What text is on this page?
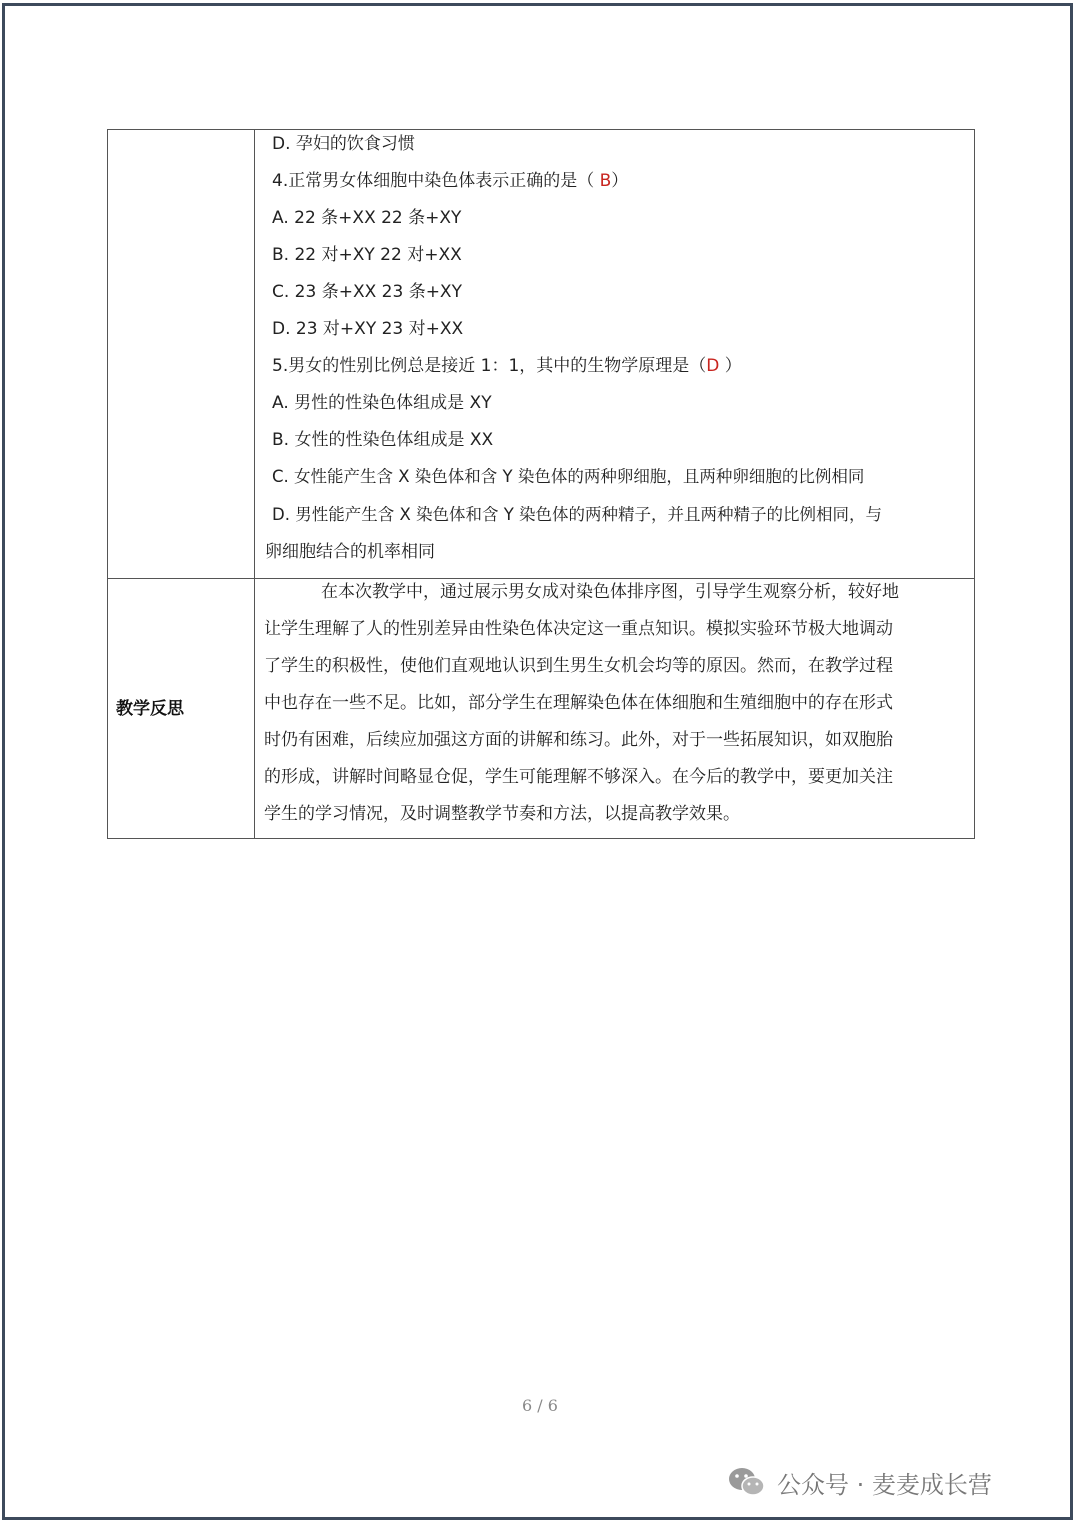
D. 孕妇的饮食习惯
4.正常男女体细胞中染色体表示正确的是（ B）
A. 22 条+XX 22 条+XY
B. 22 对+XY 22 对+XX
C. 23 条+XX 23 条+XY
D. 23 对+XY 23 对+XX
5.男女的性别比例总是接近 1：1，其中的生物学原理是（D ）
A. 男性的性染色体组成是 XY
B. 女性的性染色体组成是 XX
C. 女性能产生含 X 染色体和含 Y 染色体的两种卵细胞，且两种卵细胞的比例相同
D. 男性能产生含 X 染色体和含 Y 染色体的两种精子，并且两种精子的比例相同，与
卵细胞结合的机率相同
教学反思
在本次教学中，通过展示男女成对染色体排序图，引导学生观察分析，较好地
让学生理解了人的性别差异由性染色体决定这一重点知识。模拟实验环节极大地调动
了学生的积极性，使他们直观地认识到生男生女机会均等的原因。然而，在教学过程
中也存在一些不足。比如，部分学生在理解染色体在体细胞和生殖细胞中的存在形式
时仍有困难，后续应加强这方面的讲解和练习。此外，对于一些拓展知识，如双胞胎
的形成，讲解时间略显仓促，学生可能理解不够深入。在今后的教学中，要更加关注
学生的学习情况，及时调整教学节奏和方法，以提高教学效果。
6 / 6
公众号 · 麦麦成长营
